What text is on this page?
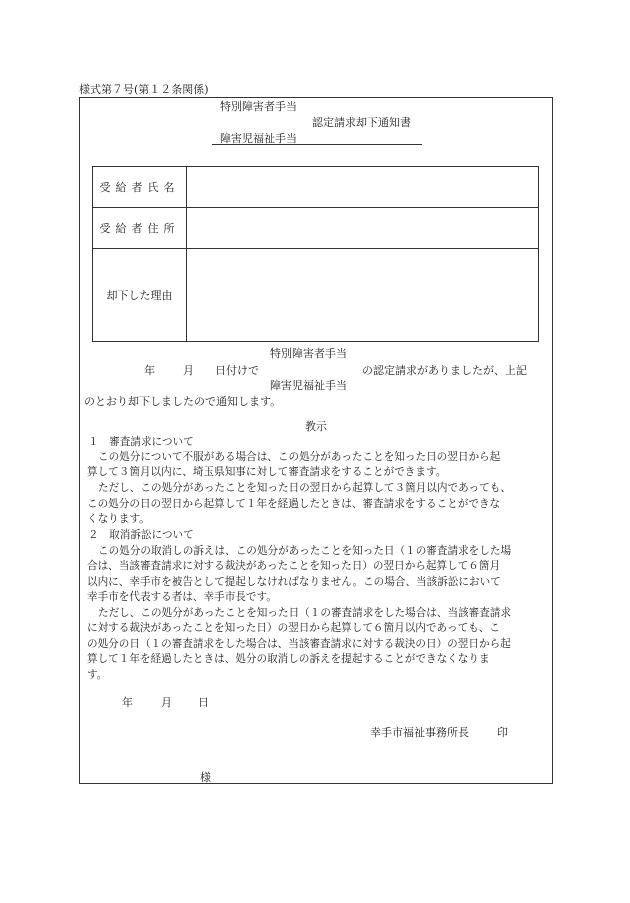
様式第７号(第１２条関係)
特別障害者手当
認定請求却下通知書
障害児福祉手当
受給者氏名
受給者住所
却下した理由
特別障害者手当
年	月 日付けで	の認定請求がありましたが、上記
障害児福祉手当
のとおり却下しましたので通知します。
教示
１　審査請求について
この処分について不服がある場合は、この処分があったことを知った日の翌日から起
算して３箇月以内に、埼玉県知事に対して審査請求をすることができます。
ただし、この処分があったことを知った日の翌日から起算して３箇月以内であっても、
この処分の日の翌日から起算して１年を経過したときは、審査請求をすることができな
くなります。
２　取消訴訟について
この処分の取消しの訴えは、この処分があったことを知った日（１の審査請求をした場
合は、当該審査請求に対する裁決があったことを知った日）の翌日から起算して６箇月
以内に、幸手市を被告として提起しなければなりません。この場合、当該訴訟において
幸手市を代表する者は、幸手市長です。
ただし、この処分があったことを知った日（１の審査請求をした場合は、当該審査請求
に対する裁決があったことを知った日）の翌日から起算して６箇月以内であっても、こ
の処分の日（１の審査請求をした場合は、当該審査請求に対する裁決の日）の翌日から起
算して１年を経過したときは、処分の取消しの訴えを提起することができなくなりま
す。
年	月 日
幸手市福祉事務所長	印
様
